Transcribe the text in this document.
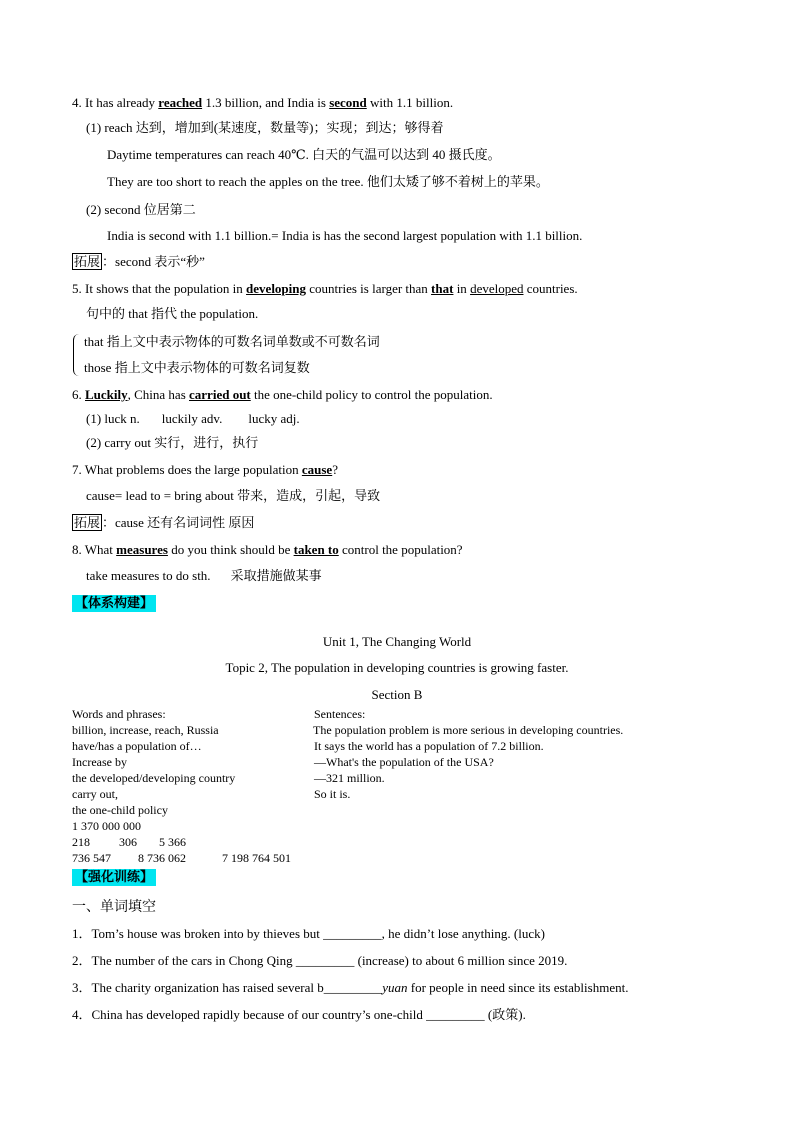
4. It has already reached 1.3 billion, and India is second with 1.1 billion.
(1) reach 达到，增加到(某速度，数量等)；实现；到达；够得着
Daytime temperatures can reach 40℃. 白天的气温可以达到 40 摄氏度。
They are too short to reach the apples on the tree. 他们太矮了够不着树上的苹果。
(2) second 位居第二
India is second with 1.1 billion.= India is has the second largest population with 1.1 billion.
拓展 ：second 表示“秒”
5. It shows that the population in developing countries is larger than that in developed countries.
句中的 that 指代 the population.
that 指上文中表示物体的可数名词单数或不可数名词
those 指上文中表示物体的可数名词复数
6. Luckily, China has carried out the one-child policy to control the population.
(1) luck n. luckily adv. lucky adj.
(2) carry out 实行，进行，执行
7. What problems does the large population cause?
cause= lead to = bring about 带来，造成，引起，导致
拓展 ：cause 还有名词词性 原因
8. What measures do you think should be taken to control the population?
take measures to do sth. 采取措施做某事
【体系构建】
Unit 1, The Changing World
Topic 2, The population in developing countries is growing faster.
Section B
Words and phrases:
billion, increase, reach, Russia
have/has a population of…
Increase by
the developed/developing country
carry out,
the one-child policy
1 370 000 000
218 306 5 366
736 547 8 736 062	7 198 764 501
Sentences:
The population problem is more serious in developing countries.
It says the world has a population of 7.2 billion.
—What's the population of the USA?
—321 million.
So it is.
【强化训练】
一、单词填空
1．Tom’s house was broken into by thieves but _________, he didn’t lose anything. (luck)
2．The number of the cars in Chong Qing _________ (increase) to about 6 million since 2019.
3．The charity organization has raised several b_________yuan for people in need since its establishment.
4．China has developed rapidly because of our country’s one-child _________ (政策).
